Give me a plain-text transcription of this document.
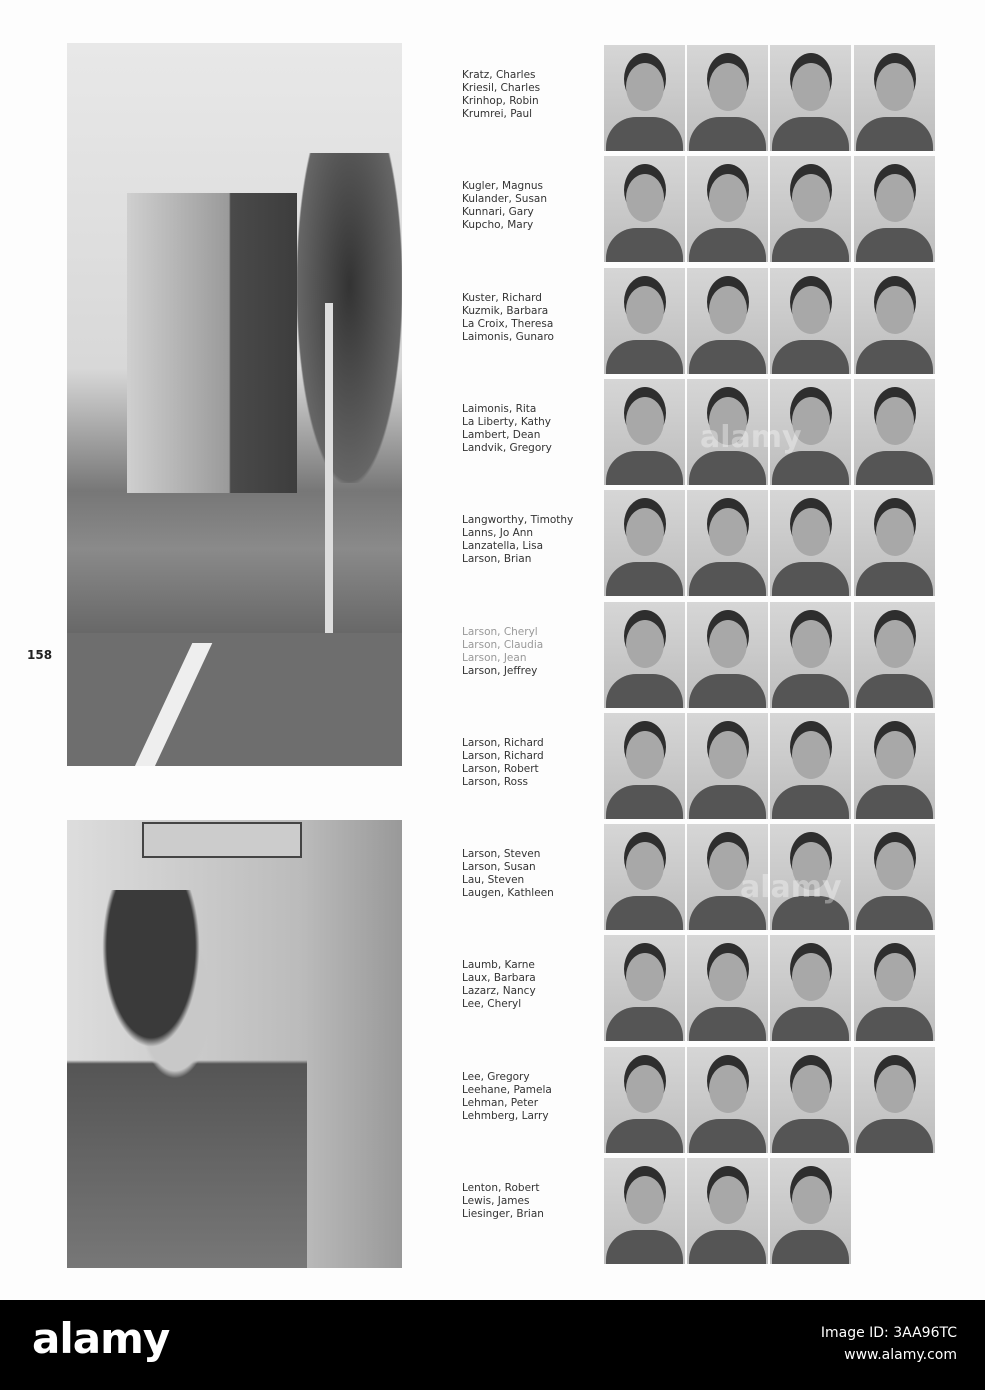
158
Kratz, Charles
Kriesil, Charles
Krinhop, Robin
Krumrei, Paul
Kugler, Magnus
Kulander, Susan
Kunnari, Gary
Kupcho, Mary
Kuster, Richard
Kuzmik, Barbara
La Croix, Theresa
Laimonis, Gunaro
Laimonis, Rita
La Liberty, Kathy
Lambert, Dean
Landvik, Gregory
Langworthy, Timothy
Lanns, Jo Ann
Lanzatella, Lisa
Larson, Brian
Larson, Cheryl
Larson, Claudia
Larson, Jean
Larson, Jeffrey
Larson, Richard
Larson, Richard
Larson, Robert
Larson, Ross
Larson, Steven
Larson, Susan
Lau, Steven
Laugen, Kathleen
Laumb, Karne
Laux, Barbara
Lazarz, Nancy
Lee, Cheryl
Lee, Gregory
Leehane, Pamela
Lehman, Peter
Lehmberg, Larry
Lenton, Robert
Lewis, James
Liesinger, Brian
alamy
alamy
alamy	Image ID: 3AA96TC
www.alamy.com
